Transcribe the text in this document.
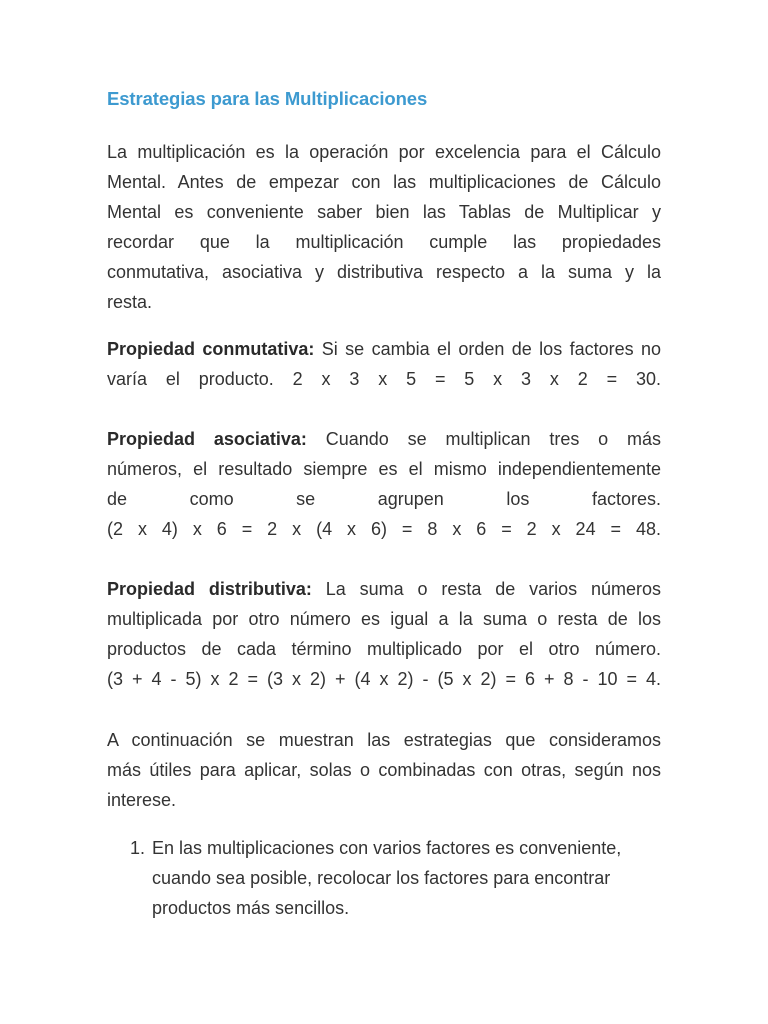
Estrategias para las Multiplicaciones

La multiplicación es la operación por excelencia para el Cálculo
Mental. Antes de empezar con las multiplicaciones de Cálculo
Mental es conveniente saber bien las Tablas de Multiplicar y
recordar que la multiplicación cumple las propiedades
conmutativa, asociativa y distributiva respecto a la suma y la
resta.

Propiedad conmutativa: Si se cambia el orden de los factores no
varía el producto. 2 x 3 x 5 = 5 x 3 x 2 = 30.

Propiedad asociativa: Cuando se multiplican tres o más
números, el resultado siempre es el mismo independientemente
de como se agrupen los factores.
(2 x 4) x 6 = 2 x (4 x 6) = 8 x 6 = 2 x 24 = 48.

Propiedad distributiva: La suma o resta de varios números
multiplicada por otro número es igual a la suma o resta de los
productos de cada término multiplicado por el otro número.
(3 + 4 - 5) x 2 = (3 x 2) + (4 x 2) - (5 x 2) = 6 + 8 - 10 = 4.

A continuación se muestran las estrategias que consideramos
más útiles para aplicar, solas o combinadas con otras, según nos
interese.

1. En las multiplicaciones con varios factores es conveniente,
cuando sea posible, recolocar los factores para encontrar
productos más sencillos.
